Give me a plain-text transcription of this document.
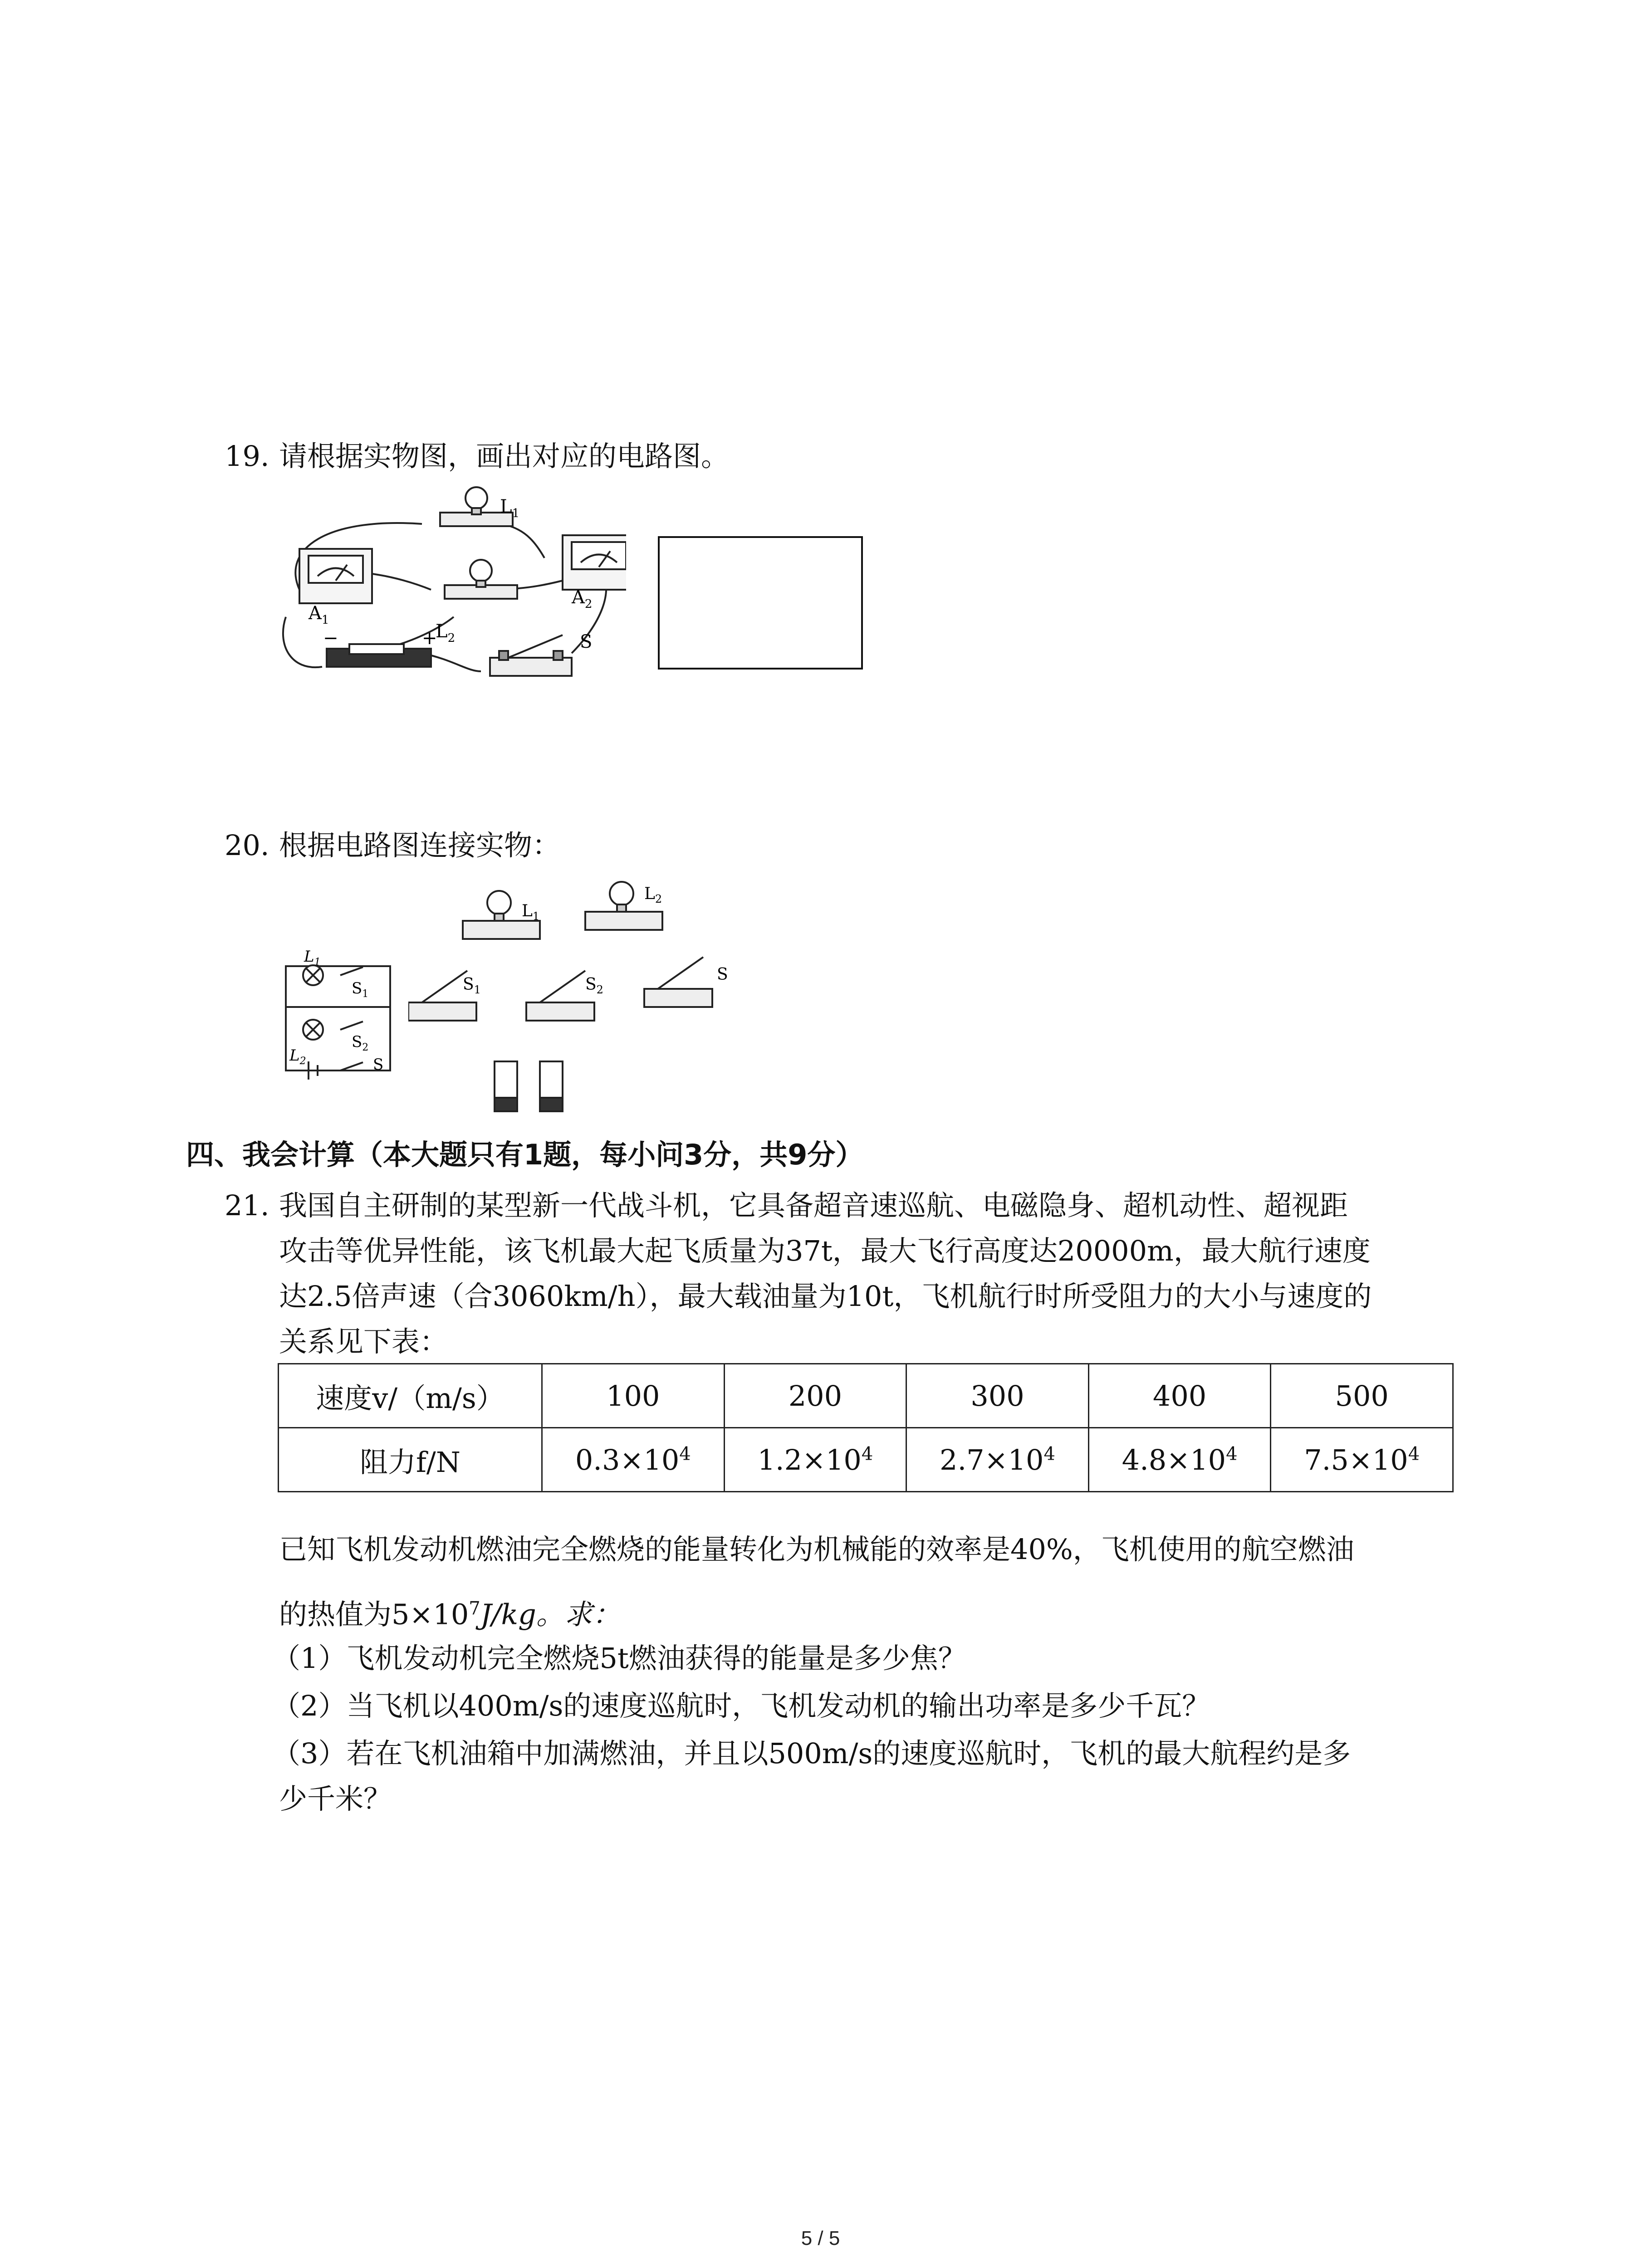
19. 请根据实物图，画出对应的电路图。
$L_1$
$A_1$
$L_2$
$A_2$
S
−	+
20. 根据电路图连接实物：
$L_1$
$S_1$
$S_2$
$L_2$	S
$L_1$
$L_2$
$S_1$	$S_2$
S
四、我会计算（本大题只有1题，每小问3分，共9分）
21. 我国自主研制的某型新一代战斗机，它具备超音速巡航、电磁隐身、超机动性、超视距
攻击等优异性能，该飞机最大起飞质量为37t，最大飞行高度达20000m，最大航行速度
达2.5倍声速（合3060km/h），最大载油量为10t，飞机航行时所受阻力的大小与速度的
关系见下表：
速度v/（m/s）	100	200	300	400	500
阻力f/N	$0.3\times 10^4$	$1.2\times 10^4$	$2.7\times 10^4$	$4.8\times 10^4$	$7.5\times 10^4$
已知飞机发动机燃油完全燃烧的能量转化为机械能的效率是40%，飞机使用的航空燃油
的热值为$5\times 10^7J/kg$。求：
（1）飞机发动机完全燃烧5t燃油获得的能量是多少焦？
（2）当飞机以400m/s的速度巡航时，飞机发动机的输出功率是多少千瓦？
（3）若在飞机油箱中加满燃油，并且以500m/s的速度巡航时，飞机的最大航程约是多
少千米？
5 / 5
